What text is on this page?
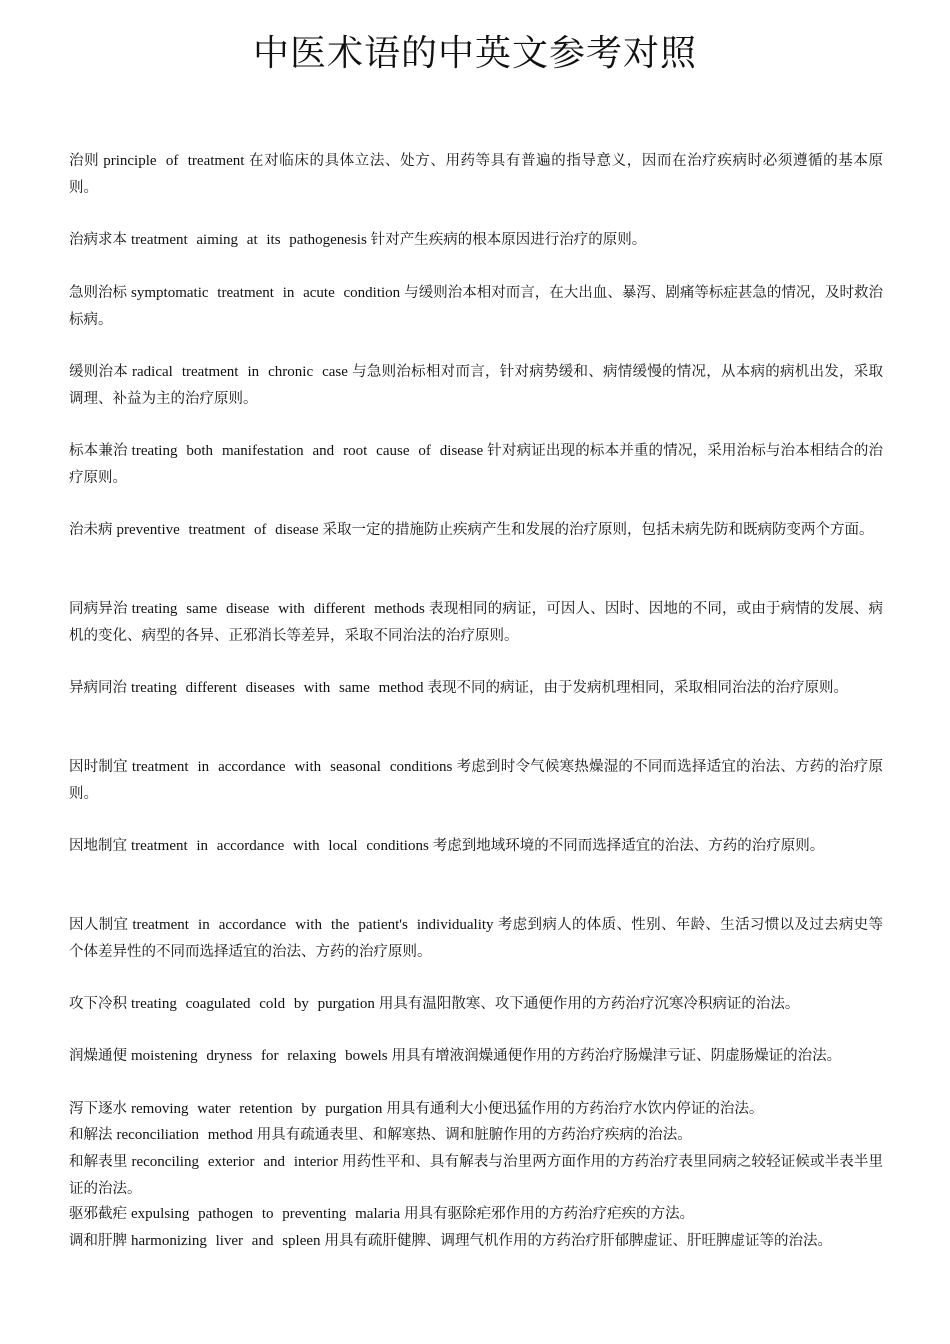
中医术语的中英文参考对照

治则 principle of treatment 在对临床的具体立法、处方、用药等具有普遍的指导意义，因而在治疗疾病时必须遵循的基本原则。

治病求本 treatment aiming at its pathogenesis 针对产生疾病的根本原因进行治疗的原则。

急则治标 symptomatic treatment in acute condition 与缓则治本相对而言，在大出血、暴泻、剧痛等标症甚急的情况，及时救治标病。

缓则治本 radical treatment in chronic case 与急则治标相对而言，针对病势缓和、病情缓慢的情况，从本病的病机出发，采取调理、补益为主的治疗原则。

标本兼治 treating both manifestation and root cause of disease 针对病证出现的标本并重的情况，采用治标与治本相结合的治疗原则。

治未病 preventive treatment of disease 采取一定的措施防止疾病产生和发展的治疗原则，包括未病先防和既病防变两个方面。

同病异治 treating same disease with different methods 表现相同的病证，可因人、因时、因地的不同，或由于病情的发展、病机的变化、病型的各异、正邪消长等差异，采取不同治法的治疗原则。

异病同治 treating different diseases with same method 表现不同的病证，由于发病机理相同，采取相同治法的治疗原则。

因时制宜 treatment in accordance with seasonal conditions 考虑到时令气候寒热燥湿的不同而选择适宜的治法、方药的治疗原则。

因地制宜 treatment in accordance with local conditions 考虑到地域环境的不同而选择适宜的治法、方药的治疗原则。

因人制宜 treatment in accordance with the patient's individuality 考虑到病人的体质、性别、年龄、生活习惯以及过去病史等个体差异性的不同而选择适宜的治法、方药的治疗原则。

攻下冷积 treating coagulated cold by purgation 用具有温阳散寒、攻下通便作用的方药治疗沉寒冷积病证的治法。

润燥通便 moistening dryness for relaxing bowels 用具有增液润燥通便作用的方药治疗肠燥津亏证、阴虚肠燥证的治法。

泻下逐水 removing water retention by purgation 用具有通利大小便迅猛作用的方药治疗水饮内停证的治法。

和解法 reconciliation method 用具有疏通表里、和解寒热、调和脏腑作用的方药治疗疾病的治法。

和解表里 reconciling exterior and interior 用药性平和、具有解表与治里两方面作用的方药治疗表里同病之较轻证候或半表半里证的治法。

驱邪截疟 expulsing pathogen to preventing malaria 用具有驱除疟邪作用的方药治疗疟疾的方法。

调和肝脾 harmonizing liver and spleen 用具有疏肝健脾、调理气机作用的方药治疗肝郁脾虚证、肝旺脾虚证等的治法。
